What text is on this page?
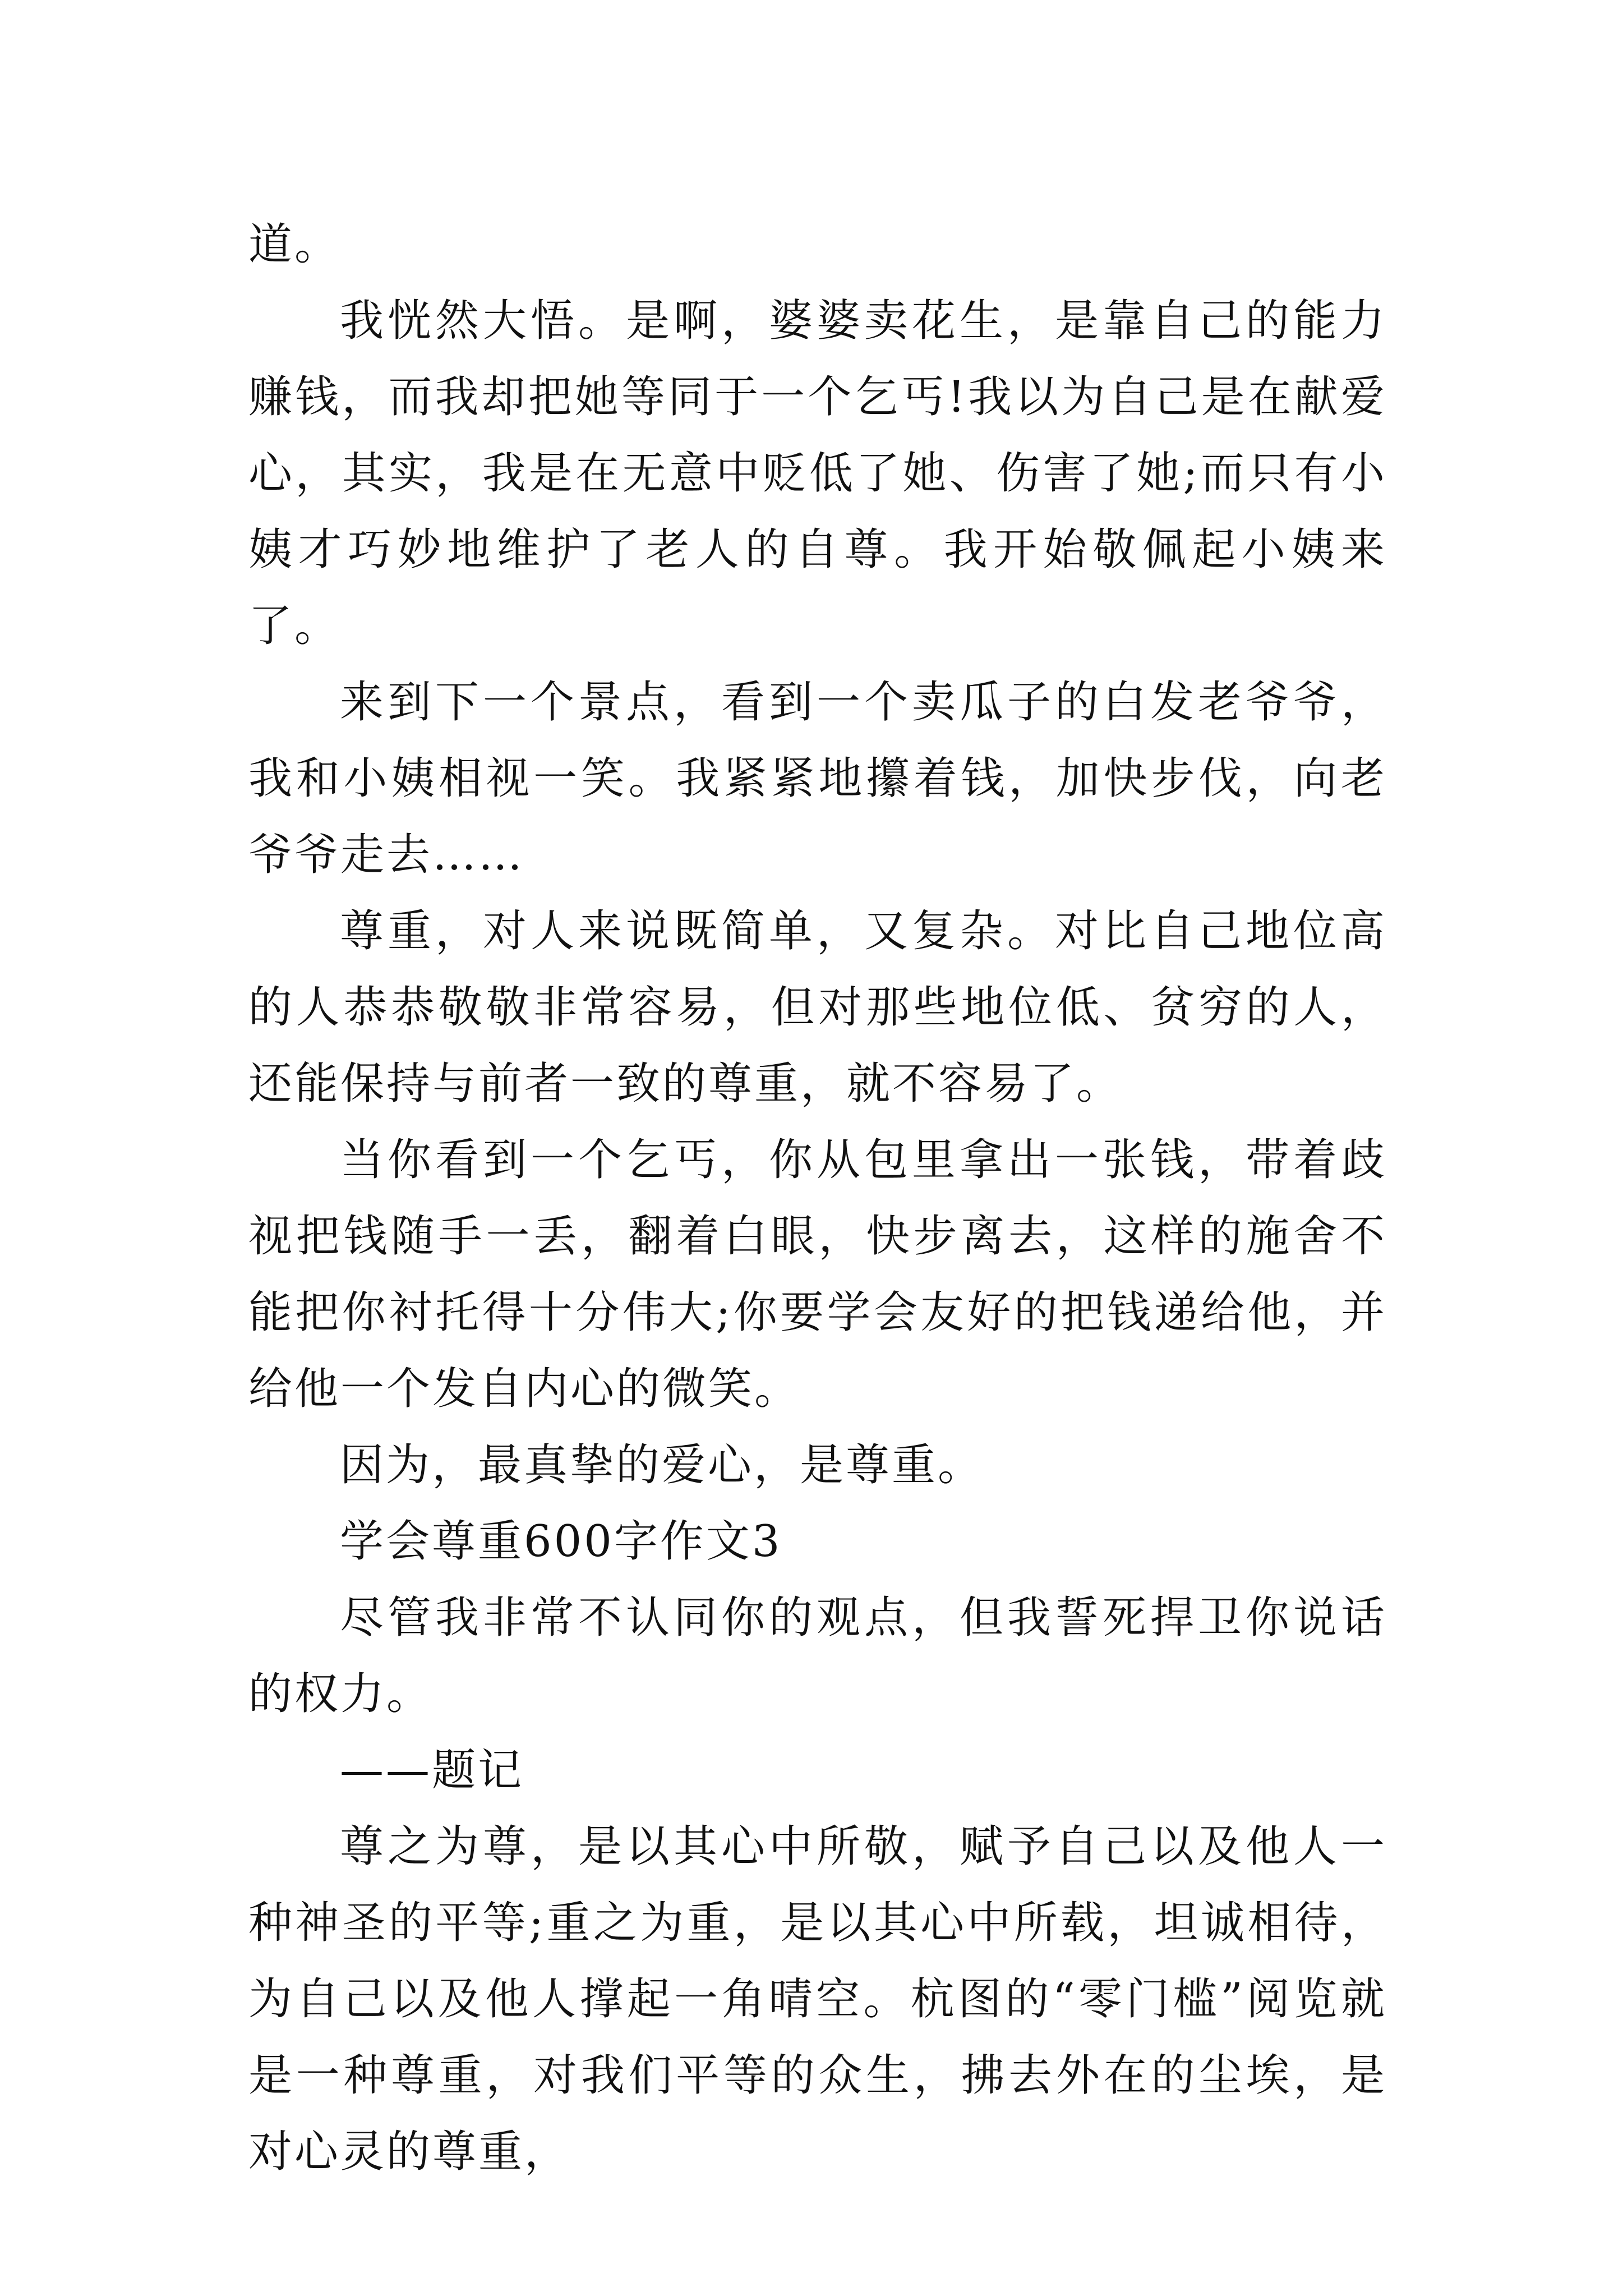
道。

我恍然大悟。是啊，婆婆卖花生，是靠自己的能力赚钱，而我却把她等同于一个乞丐!我以为自己是在献爱心，其实，我是在无意中贬低了她、伤害了她;而只有小姨才巧妙地维护了老人的自尊。我开始敬佩起小姨来了。

来到下一个景点，看到一个卖瓜子的白发老爷爷，我和小姨相视一笑。我紧紧地攥着钱，加快步伐，向老爷爷走去……

尊重，对人来说既简单，又复杂。对比自己地位高的人恭恭敬敬非常容易，但对那些地位低、贫穷的人，还能保持与前者一致的尊重，就不容易了。

当你看到一个乞丐，你从包里拿出一张钱，带着歧视把钱随手一丢，翻着白眼，快步离去，这样的施舍不能把你衬托得十分伟大;你要学会友好的把钱递给他，并给他一个发自内心的微笑。

因为，最真挚的爱心，是尊重。

学会尊重600字作文3

尽管我非常不认同你的观点，但我誓死捍卫你说话的权力。

——题记

尊之为尊，是以其心中所敬，赋予自己以及他人一种神圣的平等;重之为重，是以其心中所载，坦诚相待，为自己以及他人撑起一角晴空。杭图的“零门槛”阅览就是一种尊重，对我们平等的众生，拂去外在的尘埃，是对心灵的尊重，
